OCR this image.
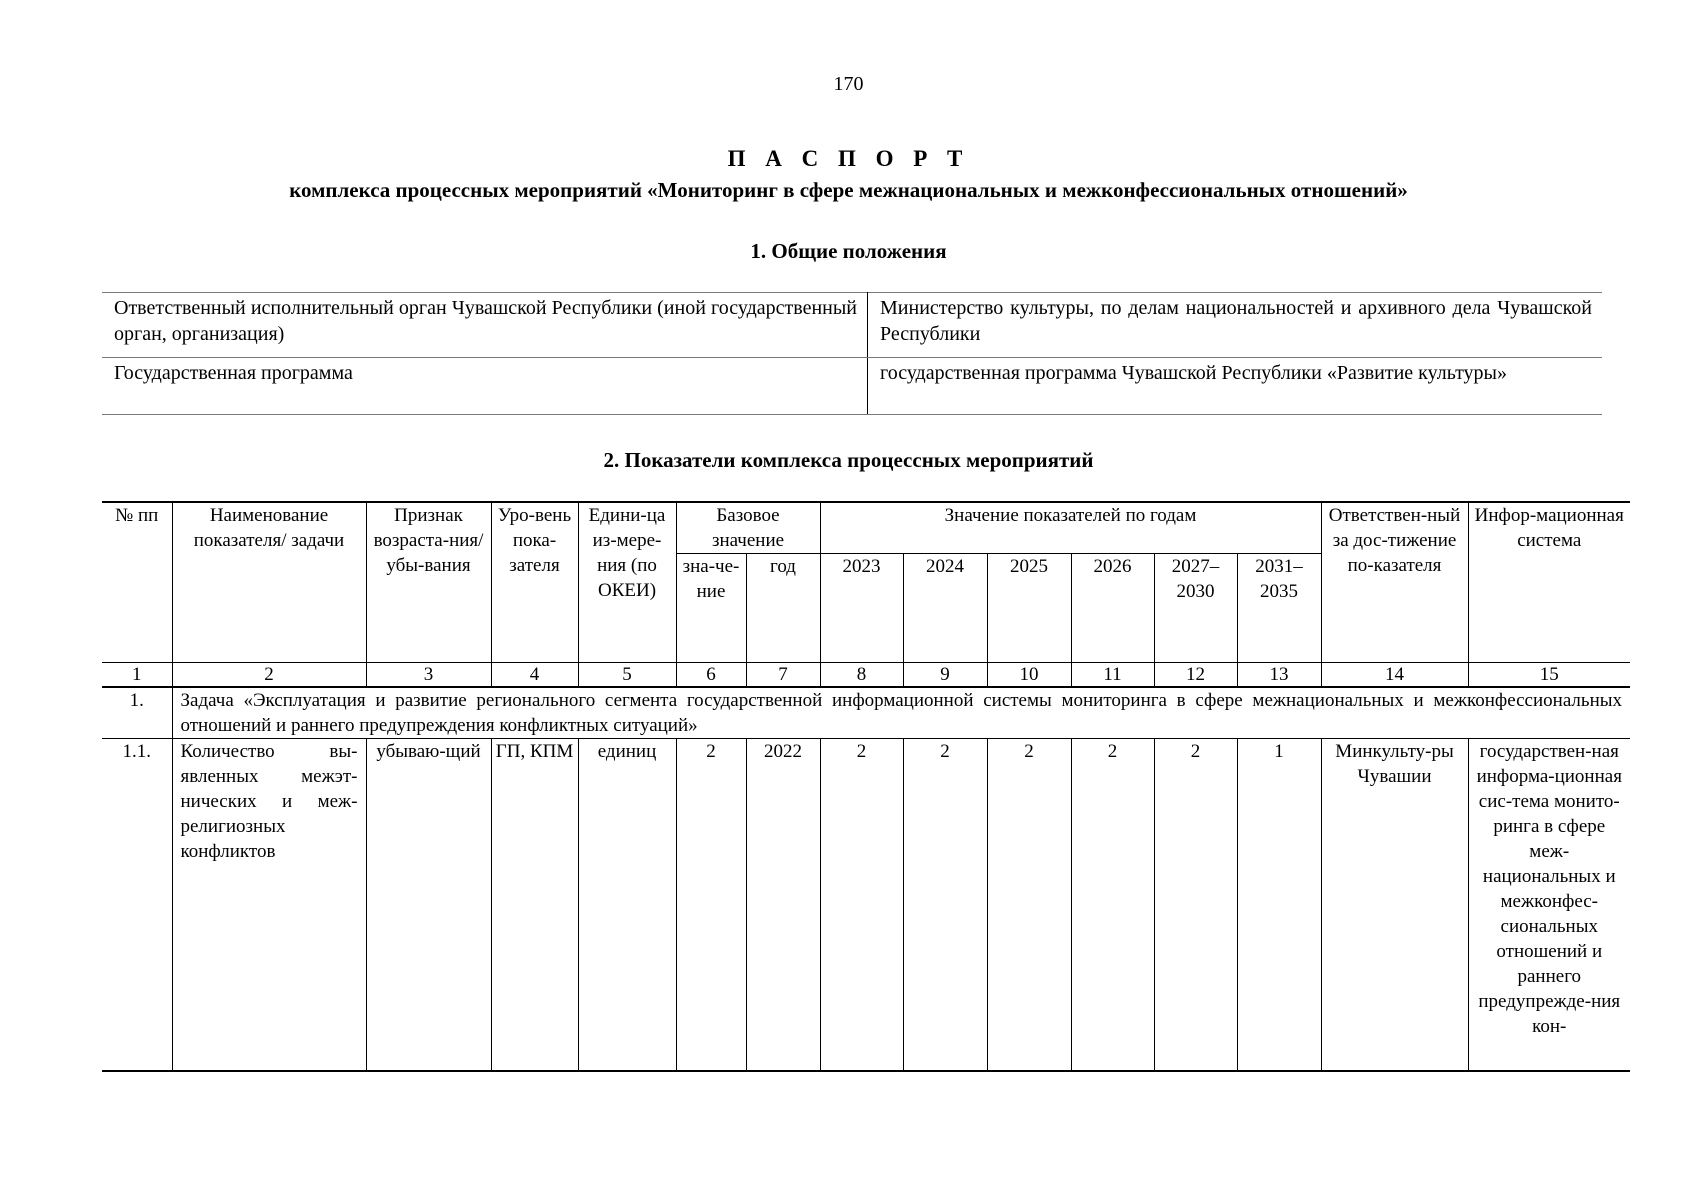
170
П А С П О Р Т
комплекса процессных мероприятий «Мониторинг в сфере межнациональных и межконфессиональных отношений»
1. Общие положения
Ответственный исполнительный орган Чувашской Республики (иной государственный орган, организация)	Министерство культуры, по делам национальностей и архивного дела Чувашской Республики
Государственная программа	государственная программа Чувашской Республики «Развитие культуры»
2. Показатели комплекса процессных мероприятий
№ пп	Наименование показателя/ задачи	Признак возраста-ния/ убы-вания	Уро-вень пока-зателя	Едини-ца из-мере-ния (по ОКЕИ)	Базовое значение		Значение показателей по годам						Ответствен-ный за дос-тижение по-казателя	Инфор-мационная система
					зна-че-ние	год	2023	2024	2025	2026	2027–2030	2031–2035		
1	2	3	4	5	6	7	8	9	10	11	12	13	14	15
1.	Задача «Эксплуатация и развитие регионального сегмента государственной информационной системы мониторинга в сфере межнациональных и межконфессиональных отношений и раннего предупреждения конфликтных ситуаций»													
1.1.	Количество вы-явленных межэт-нических и меж-религиозных конфликтов	убываю-щий	ГП, КПМ	единиц	2	2022	2	2	2	2	2	1	Минкульту-ры Чувашии	государствен-ная информа-ционная сис-тема монито-ринга в сфере меж-национальных и межконфес-сиональных отношений и раннего предупрежде-ния кон-
